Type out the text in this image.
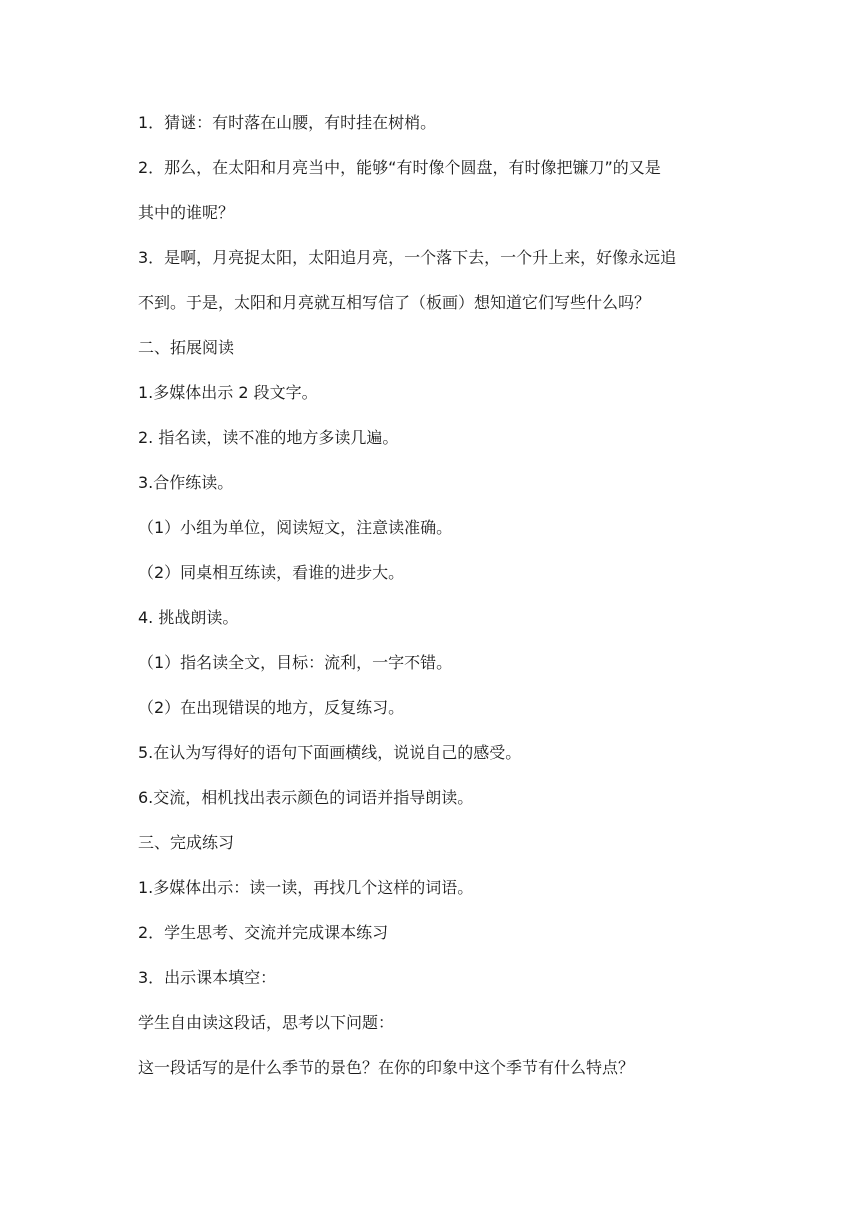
1．猜谜：有时落在山腰，有时挂在树梢。
2．那么，在太阳和月亮当中，能够“有时像个圆盘，有时像把镰刀”的又是
其中的谁呢？
3．是啊，月亮捉太阳，太阳追月亮，一个落下去，一个升上来，好像永远追
不到。于是，太阳和月亮就互相写信了（板画）想知道它们写些什么吗？
二、拓展阅读
1.多媒体出示 2 段文字。
2. 指名读，读不准的地方多读几遍。
3.合作练读。
（1）小组为单位，阅读短文，注意读准确。
（2）同桌相互练读，看谁的进步大。
4. 挑战朗读。
（1）指名读全文，目标：流利，一字不错。
（2）在出现错误的地方，反复练习。
5.在认为写得好的语句下面画横线，说说自己的感受。
6.交流，相机找出表示颜色的词语并指导朗读。
三、完成练习
1.多媒体出示：读一读，再找几个这样的词语。
2．学生思考、交流并完成课本练习
3．出示课本填空：
学生自由读这段话，思考以下问题：
这一段话写的是什么季节的景色？在你的印象中这个季节有什么特点？
